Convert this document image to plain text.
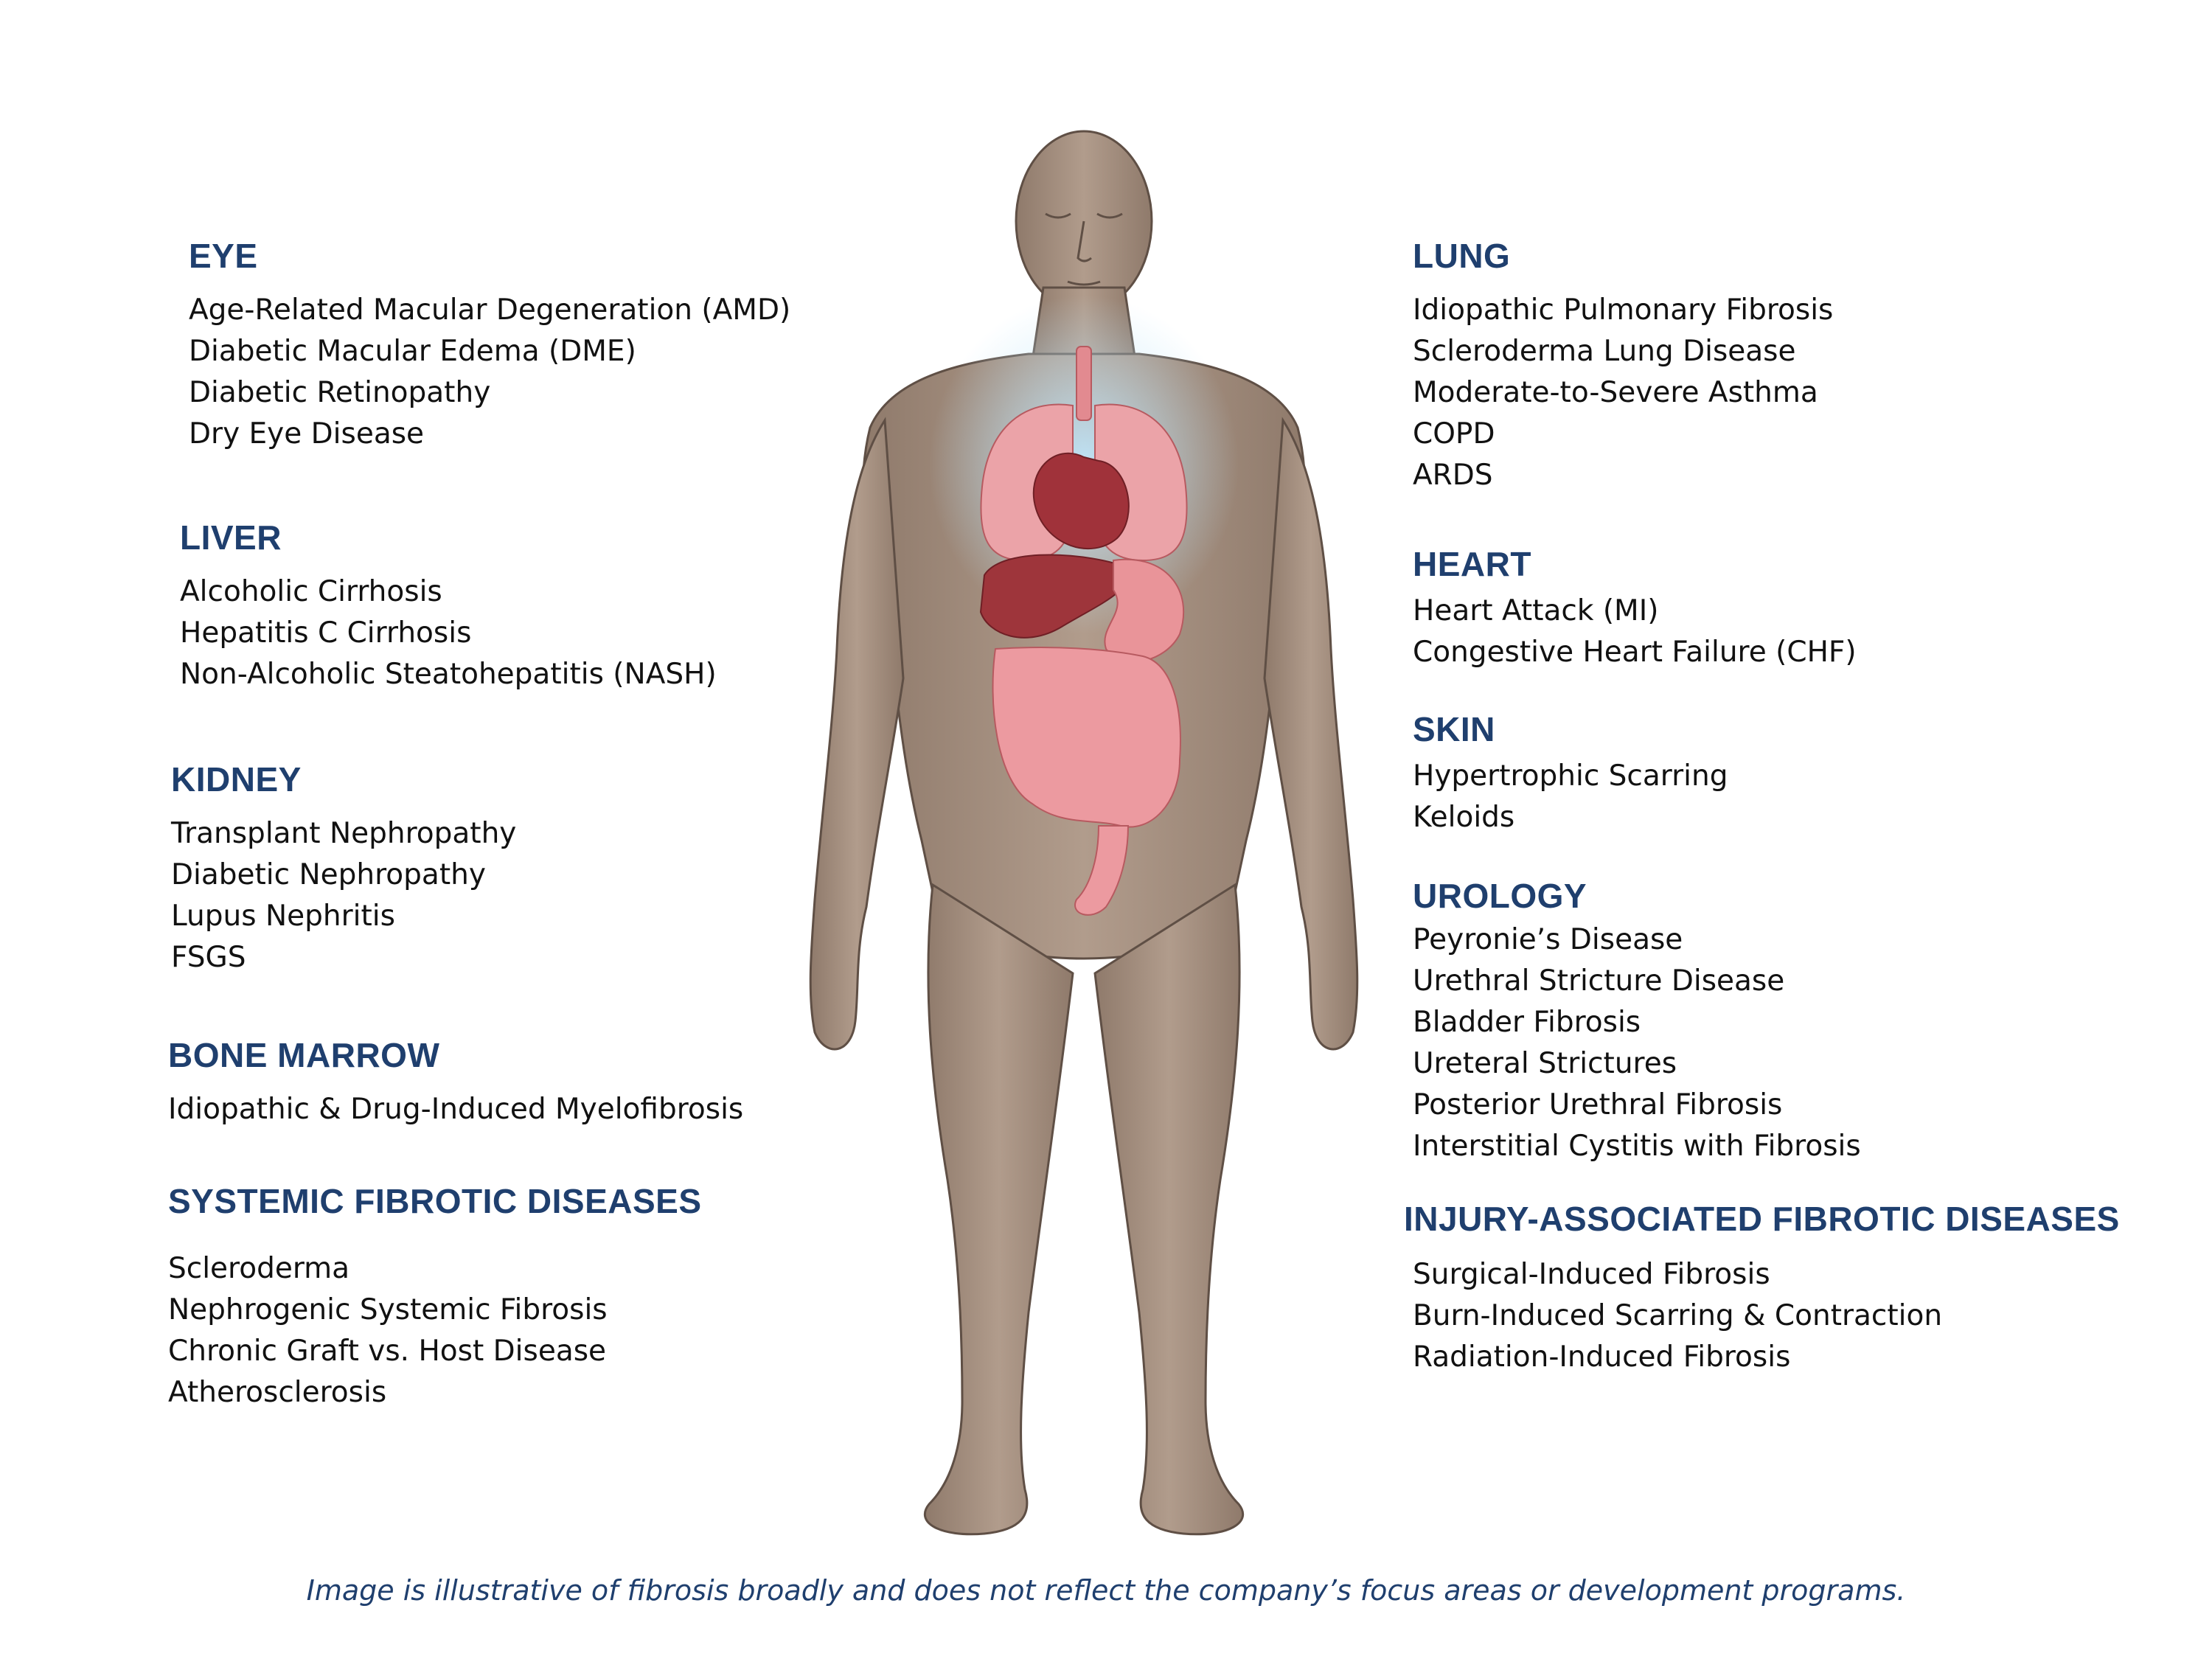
EYE
Age-Related Macular Degeneration (AMD)
Diabetic Macular Edema (DME)
Diabetic Retinopathy
Dry Eye Disease
LIVER
Alcoholic Cirrhosis
Hepatitis C Cirrhosis
Non-Alcoholic Steatohepatitis (NASH)
KIDNEY
Transplant Nephropathy
Diabetic Nephropathy
Lupus Nephritis
FSGS
BONE MARROW
Idiopathic & Drug-Induced Myelofibrosis
SYSTEMIC FIBROTIC DISEASES
Scleroderma
Nephrogenic Systemic Fibrosis
Chronic Graft vs. Host Disease
Atherosclerosis
LUNG
Idiopathic Pulmonary Fibrosis
Scleroderma Lung Disease
Moderate-to-Severe Asthma
COPD
ARDS
HEART
Heart Attack (MI)
Congestive Heart Failure (CHF)
SKIN
Hypertrophic Scarring
Keloids
UROLOGY
Peyronie’s Disease
Urethral Stricture Disease
Bladder Fibrosis
Ureteral Strictures
Posterior Urethral Fibrosis
Interstitial Cystitis with Fibrosis
INJURY-ASSOCIATED FIBROTIC DISEASES
Surgical-Induced Fibrosis
Burn-Induced Scarring & Contraction
Radiation-Induced Fibrosis
Image is illustrative of fibrosis broadly and does not reflect the company’s focus areas or development programs.
